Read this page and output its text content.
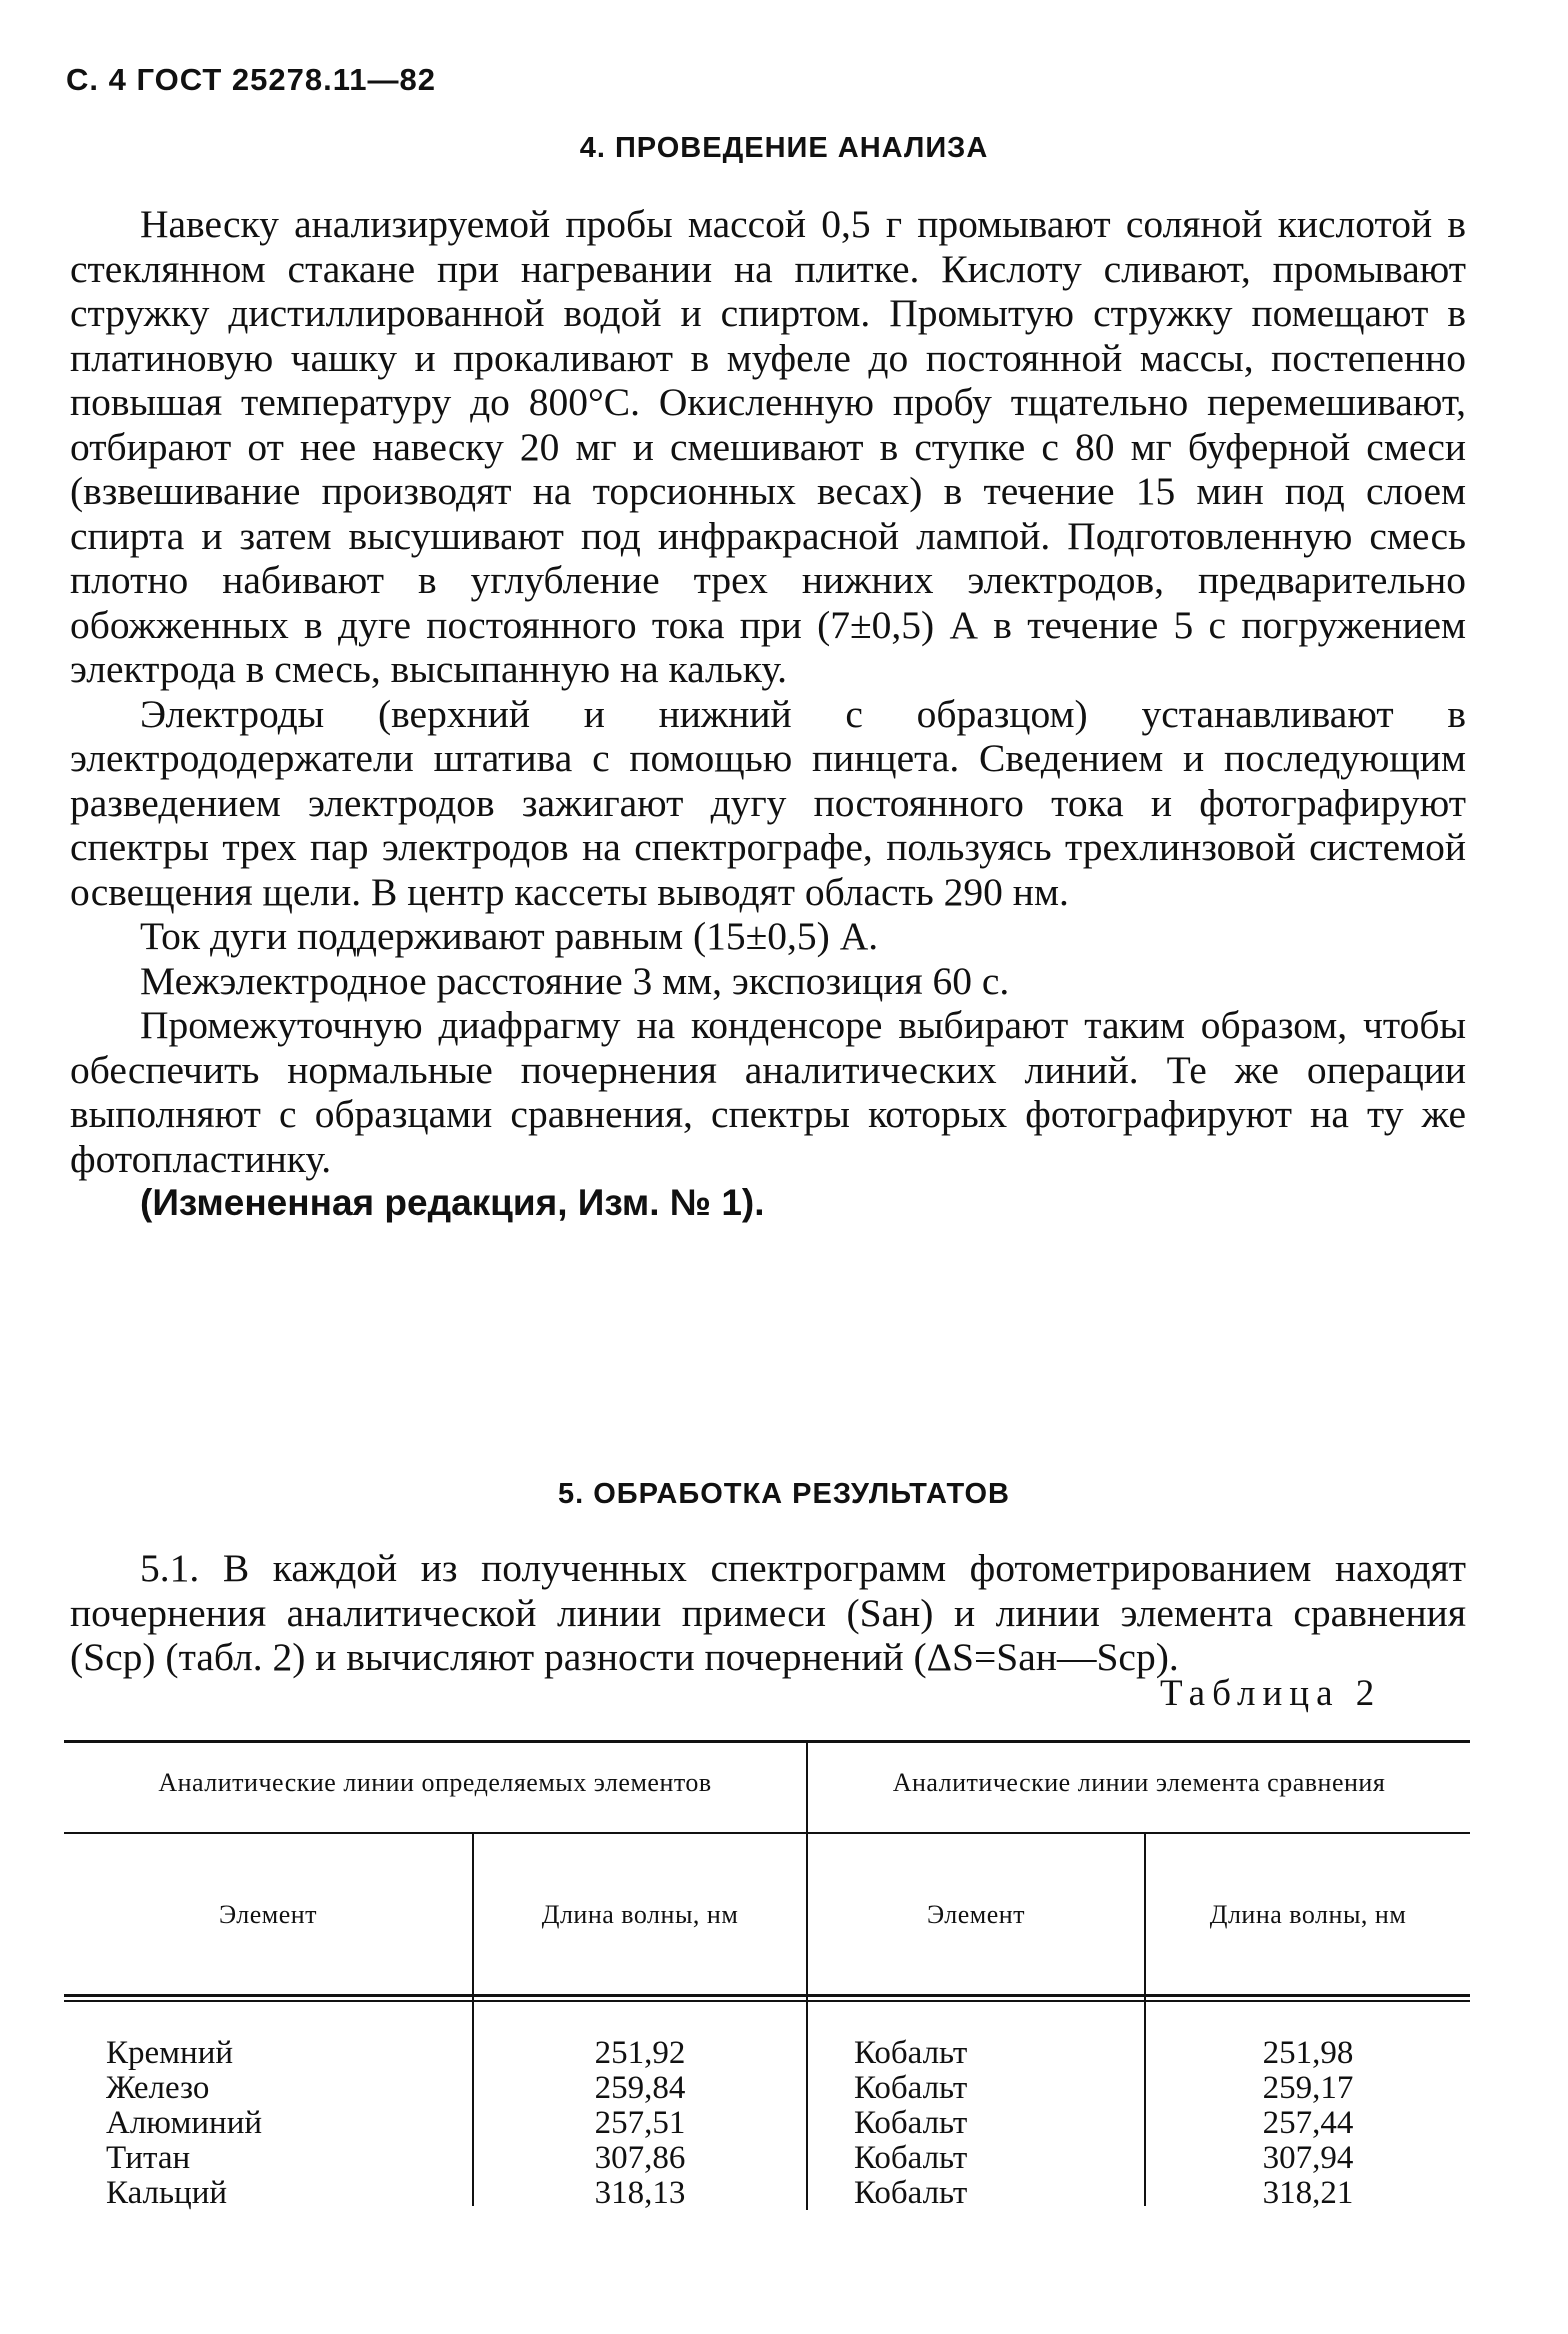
С. 4 ГОСТ 25278.11—82
4. ПРОВЕДЕНИЕ АНАЛИЗА

Навеску анализируемой пробы массой 0,5 г промывают соляной кислотой в стеклянном стакане при нагревании на плитке. Кислоту сливают, промывают стружку дистиллированной водой и спиртом. Промытую стружку помещают в платиновую чашку и прокаливают в муфеле до постоянной массы, постепенно повышая температуру до 800°С. Окисленную пробу тщательно перемешивают, отбирают от нее навеску 20 мг и смешивают в ступке с 80 мг буферной смеси (взвешивание производят на торсионных весах) в течение 15 мин под слоем спирта и затем высушивают под инфракрасной лампой. Подготовленную смесь плотно набивают в углубление трех нижних электродов, предварительно обожженных в дуге постоянного тока при (7±0,5) А в течение 5 с погружением электрода в смесь, высыпанную на кальку.

Электроды (верхний и нижний с образцом) устанавливают в электрододержатели штатива с помощью пинцета. Сведением и последующим разведением электродов зажигают дугу постоянного тока и фотографируют спектры трех пар электродов на спектрографе, пользуясь трехлинзовой системой освещения щели. В центр кассеты выводят область 290 нм.

Ток дуги поддерживают равным (15±0,5) А.

Межэлектродное расстояние 3 мм, экспозиция 60 с.

Промежуточную диафрагму на конденсоре выбирают таким образом, чтобы обеспечить нормальные почернения аналитических линий. Те же операции выполняют с образцами сравнения, спектры которых фотографируют на ту же фотопластинку.

(Измененная редакция, Изм. № 1).

5. ОБРАБОТКА РЕЗУЛЬТАТОВ

5.1. В каждой из полученных спектрограмм фотометрированием находят почернения аналитической линии примеси (Sан) и линии элемента сравнения (Sср) (табл. 2) и вычисляют разности почернений (ΔS=Sан—Sср).

Таблица 2
Аналитические линии определяемых элементов	Аналитические линии элемента сравнения
Элемент	Длина волны, нм	Элемент	Длина волны, нм
Кремний	251,92	Кобальт	251,98
Железо	259,84	Кобальт	259,17
Алюминий	257,51	Кобальт	257,44
Титан	307,86	Кобальт	307,94
Кальций	318,13	Кобальт	318,21
